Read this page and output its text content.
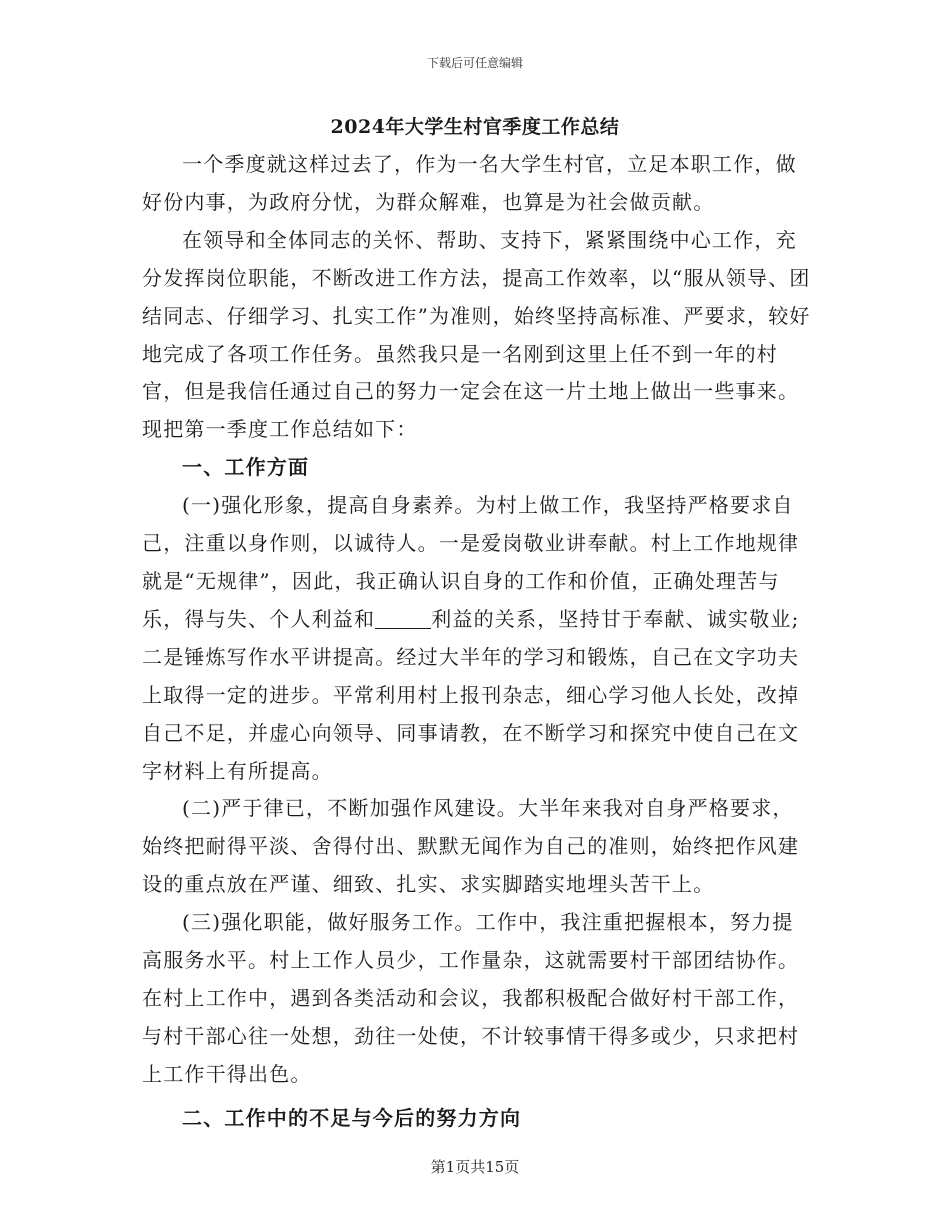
下载后可任意编辑
2024年大学生村官季度工作总结

一个季度就这样过去了，作为一名大学生村官，立足本职工作，做好份内事，为政府分忧，为群众解难，也算是为社会做贡献。

在领导和全体同志的关怀、帮助、支持下，紧紧围绕中心工作，充分发挥岗位职能，不断改进工作方法，提高工作效率，以“服从领导、团结同志、仔细学习、扎实工作”为准则，始终坚持高标准、严要求，较好地完成了各项工作任务。虽然我只是一名刚到这里上任不到一年的村官，但是我信任通过自己的努力一定会在这一片土地上做出一些事来。现把第一季度工作总结如下：

一、工作方面

(一)强化形象，提高自身素养。为村上做工作，我坚持严格要求自己，注重以身作则，以诚待人。一是爱岗敬业讲奉献。村上工作地规律就是“无规律”，因此，我正确认识自身的工作和价值，正确处理苦与乐，得与失、个人利益和	利益的关系，坚持甘于奉献、诚实敬业;二是锤炼写作水平讲提高。经过大半年的学习和锻炼，自己在文字功夫上取得一定的进步。平常利用村上报刊杂志，细心学习他人长处，改掉自己不足，并虚心向领导、同事请教，在不断学习和探究中使自己在文字材料上有所提高。

(二)严于律已，不断加强作风建设。大半年来我对自身严格要求，始终把耐得平淡、舍得付出、默默无闻作为自己的准则，始终把作风建设的重点放在严谨、细致、扎实、求实脚踏实地埋头苦干上。

(三)强化职能，做好服务工作。工作中，我注重把握根本，努力提高服务水平。村上工作人员少，工作量杂，这就需要村干部团结协作。在村上工作中，遇到各类活动和会议，我都积极配合做好村干部工作，与村干部心往一处想，劲往一处使，不计较事情干得多或少，只求把村上工作干得出色。

二、工作中的不足与今后的努力方向
第1页共15页
